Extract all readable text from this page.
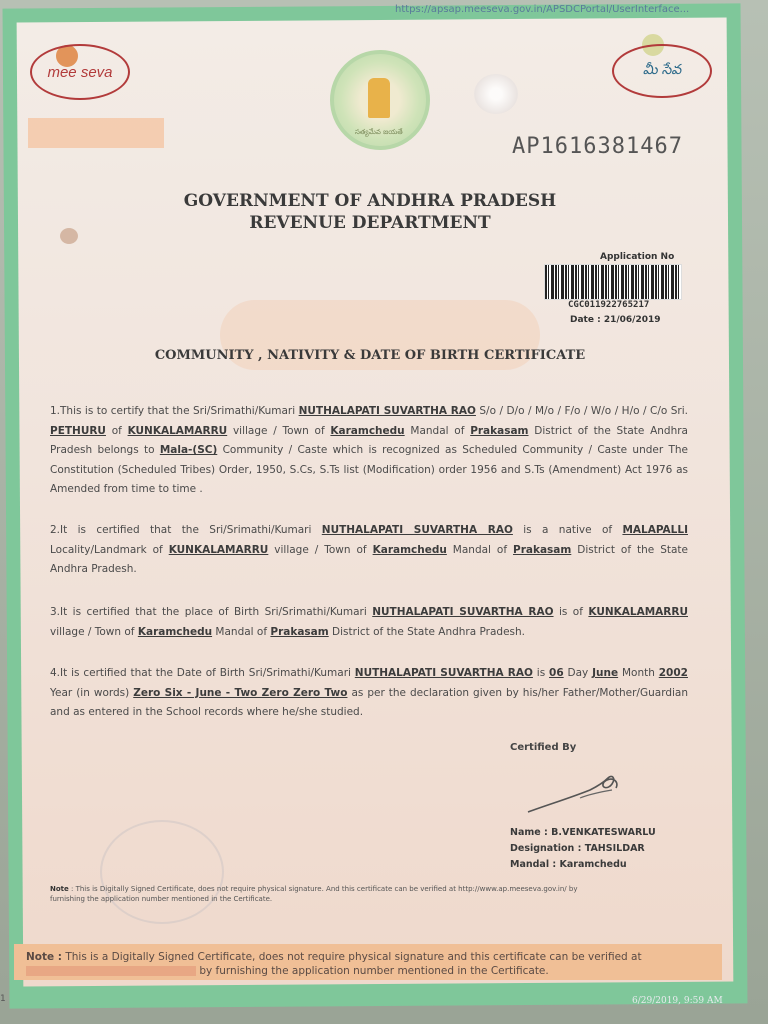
https://apsap.meeseva.gov.in/APSDCPortal/UserInterface...
mee seva
సత్యమేవ జయతే
మీ సేవ
AP1616381467
GOVERNMENT OF ANDHRA PRADESH
REVENUE DEPARTMENT
Application No
CGC011922765217
Date : 21/06/2019
COMMUNITY , NATIVITY & DATE OF BIRTH CERTIFICATE
1.This is to certify that the Sri/Srimathi/Kumari NUTHALAPATI SUVARTHA RAO S/o / D/o / M/o / F/o / W/o / H/o / C/o Sri. PETHURU of KUNKALAMARRU village / Town of Karamchedu Mandal of Prakasam District of the State Andhra Pradesh belongs to Mala-(SC) Community / Caste which is recognized as Scheduled Community / Caste under The Constitution (Scheduled Tribes) Order, 1950, S.Cs, S.Ts list (Modification) order 1956 and S.Ts (Amendment) Act 1976 as Amended from time to time .
2.It is certified that the Sri/Srimathi/Kumari NUTHALAPATI SUVARTHA RAO is a native of MALAPALLI Locality/Landmark of KUNKALAMARRU village / Town of Karamchedu Mandal of Prakasam District of the State Andhra Pradesh.
3.It is certified that the place of Birth Sri/Srimathi/Kumari NUTHALAPATI SUVARTHA RAO is of KUNKALAMARRU village / Town of Karamchedu Mandal of Prakasam District of the State Andhra Pradesh.
4.It is certified that the Date of Birth Sri/Srimathi/Kumari NUTHALAPATI SUVARTHA RAO is 06 Day June Month 2002 Year (in words) Zero Six - June - Two Zero Zero Two as per the declaration given by his/her Father/Mother/Guardian and as entered in the School records where he/she studied.
Certified By
Name : B.VENKATESWARLU
Designation : TAHSILDAR
Mandal : Karamchedu
Note : This is Digitally Signed Certificate, does not require physical signature. And this certificate can be verified at http://www.ap.meeseva.gov.in/ by furnishing the application number mentioned in the Certificate.

Note : This is a Digitally Signed Certificate, does not require physical signature and this certificate can be verified at  by furnishing the application number mentioned in the Certificate.

1	6/29/2019, 9:59 AM
